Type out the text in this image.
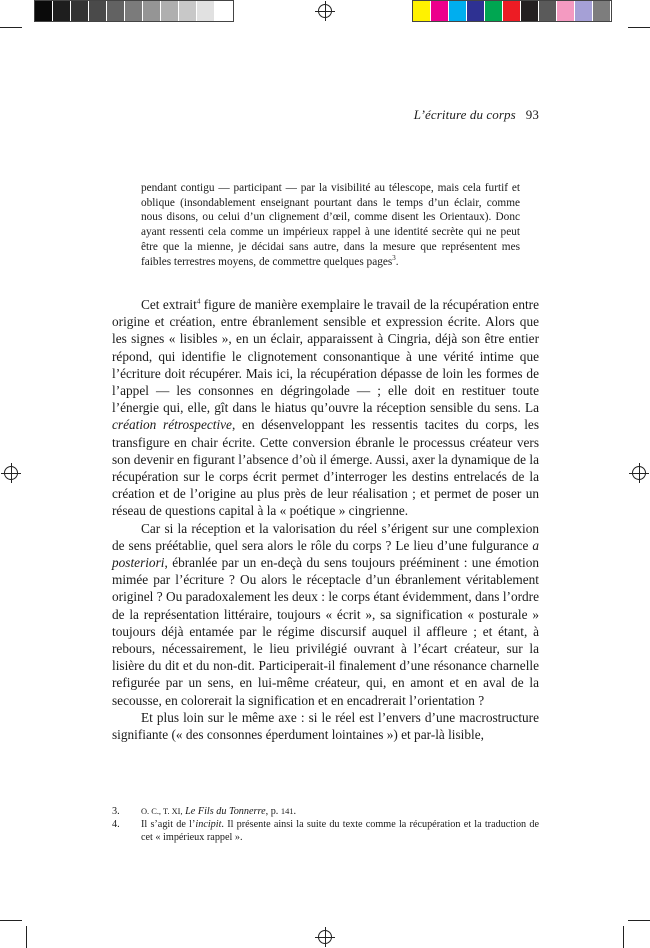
L’écriture du corps 93
pendant contigu — participant — par la visibilité au télescope, mais cela furtif et oblique (insondablement enseignant pourtant dans le temps d’un éclair, comme nous disons, ou celui d’un clignement d’œil, comme disent les Orientaux). Donc ayant ressenti cela comme un impérieux rappel à une identité secrète qui ne peut être que la mienne, je décidai sans autre, dans la mesure que représentent mes faibles terrestres moyens, de commettre quelques pages$^3$.

Cet extrait$^4$ figure de manière exemplaire le travail de la récupération entre origine et création, entre ébranlement sensible et expression écrite. Alors que les signes « lisibles », en un éclair, apparaissent à Cingria, déjà son être entier répond, qui identifie le clignotement consonantique à une vérité intime que l’écriture doit récupérer. Mais ici, la récupération dépasse de loin les formes de l’appel — les consonnes en dégringolade — ; elle doit en restituer toute l’énergie qui, elle, gît dans le hiatus qu’ouvre la réception sensible du sens. La création rétrospective, en désenveloppant les ressentis tacites du corps, les transfigure en chair écrite. Cette conversion ébranle le processus créateur vers son devenir en figurant l’absence d’où il émerge. Aussi, axer la dynamique de la récupération sur le corps écrit permet d’interroger les destins entrelacés de la création et de l’origine au plus près de leur réalisation ; et permet de poser un réseau de questions capital à la « poétique » cingrienne.

Car si la réception et la valorisation du réel s’érigent sur une complexion de sens préétablie, quel sera alors le rôle du corps ? Le lieu d’une fulgurance a posteriori, ébranlée par un en-deçà du sens toujours prééminent : une émotion mimée par l’écriture ? Ou alors le réceptacle d’un ébranlement véritablement originel ? Ou paradoxalement les deux : le corps étant évidemment, dans l’ordre de la représentation littéraire, toujours « écrit », sa signification « posturale » toujours déjà entamée par le régime discursif auquel il affleure ; et étant, à rebours, nécessairement, le lieu privilégié ouvrant à l’écart créateur, sur la lisière du dit et du non-dit. Participerait-il finalement d’une résonance charnelle refigurée par un sens, en lui-même créateur, qui, en amont et en aval de la secousse, en colorerait la signification et en encadrerait l’orientation ?

Et plus loin sur le même axe : si le réel est l’envers d’une macrostructure signifiante (« des consonnes éperdument lointaines ») et par-là lisible,

3.	O. C., T. XI, Le Fils du Tonnerre, p. 141.
4.	Il s’agit de l’incipit. Il présente ainsi la suite du texte comme la récupération et la traduction de cet « impérieux rappel ».
